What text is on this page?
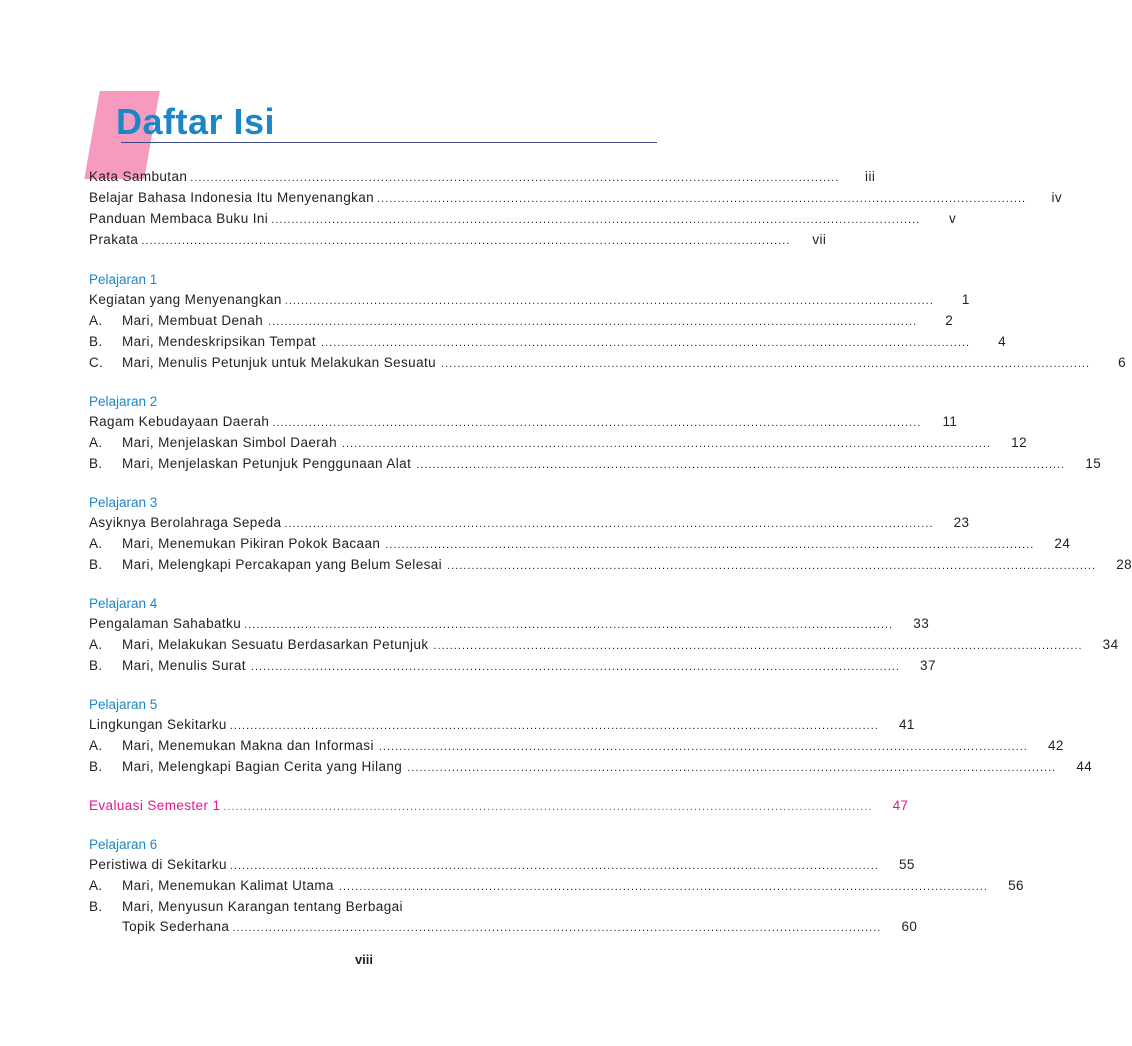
Daftar Isi
Kata Sambutan ................................................................................................................................................................	iii
Belajar Bahasa Indonesia Itu Menyenangkan ................................................................................................................................................................	iv
Panduan Membaca Buku Ini ................................................................................................................................................................	v
Prakata ................................................................................................................................................................	vii
Pelajaran 1
Kegiatan yang Menyenangkan ................................................................................................................................................................	1
A.	Mari, Membuat Denah ................................................................................................................................................................	2
B.	Mari, Mendeskripsikan Tempat ................................................................................................................................................................	4
C.	Mari, Menulis Petunjuk untuk Melakukan Sesuatu ................................................................................................................................................................	6
Pelajaran 2
Ragam Kebudayaan Daerah ................................................................................................................................................................	11
A.	Mari, Menjelaskan Simbol Daerah ................................................................................................................................................................	12
B.	Mari, Menjelaskan Petunjuk Penggunaan Alat ................................................................................................................................................................	15
Pelajaran 3
Asyiknya Berolahraga Sepeda ................................................................................................................................................................	23
A.	Mari, Menemukan Pikiran Pokok Bacaan ................................................................................................................................................................	24
B.	Mari, Melengkapi Percakapan yang Belum Selesai ................................................................................................................................................................	28
Pelajaran 4
Pengalaman Sahabatku ................................................................................................................................................................	33
A.	Mari, Melakukan Sesuatu Berdasarkan Petunjuk ................................................................................................................................................................	34
B.	Mari, Menulis Surat ................................................................................................................................................................	37
Pelajaran 5
Lingkungan Sekitarku ................................................................................................................................................................	41
A.	Mari, Menemukan Makna dan Informasi ................................................................................................................................................................	42
B.	Mari, Melengkapi Bagian Cerita yang Hilang ................................................................................................................................................................	44
Evaluasi Semester 1 ................................................................................................................................................................	47
Pelajaran 6
Peristiwa di Sekitarku ................................................................................................................................................................	55
A.	Mari, Menemukan Kalimat Utama ................................................................................................................................................................	56
B.	Mari, Menyusun Karangan tentang Berbagai
Topik Sederhana ................................................................................................................................................................	60
viii
